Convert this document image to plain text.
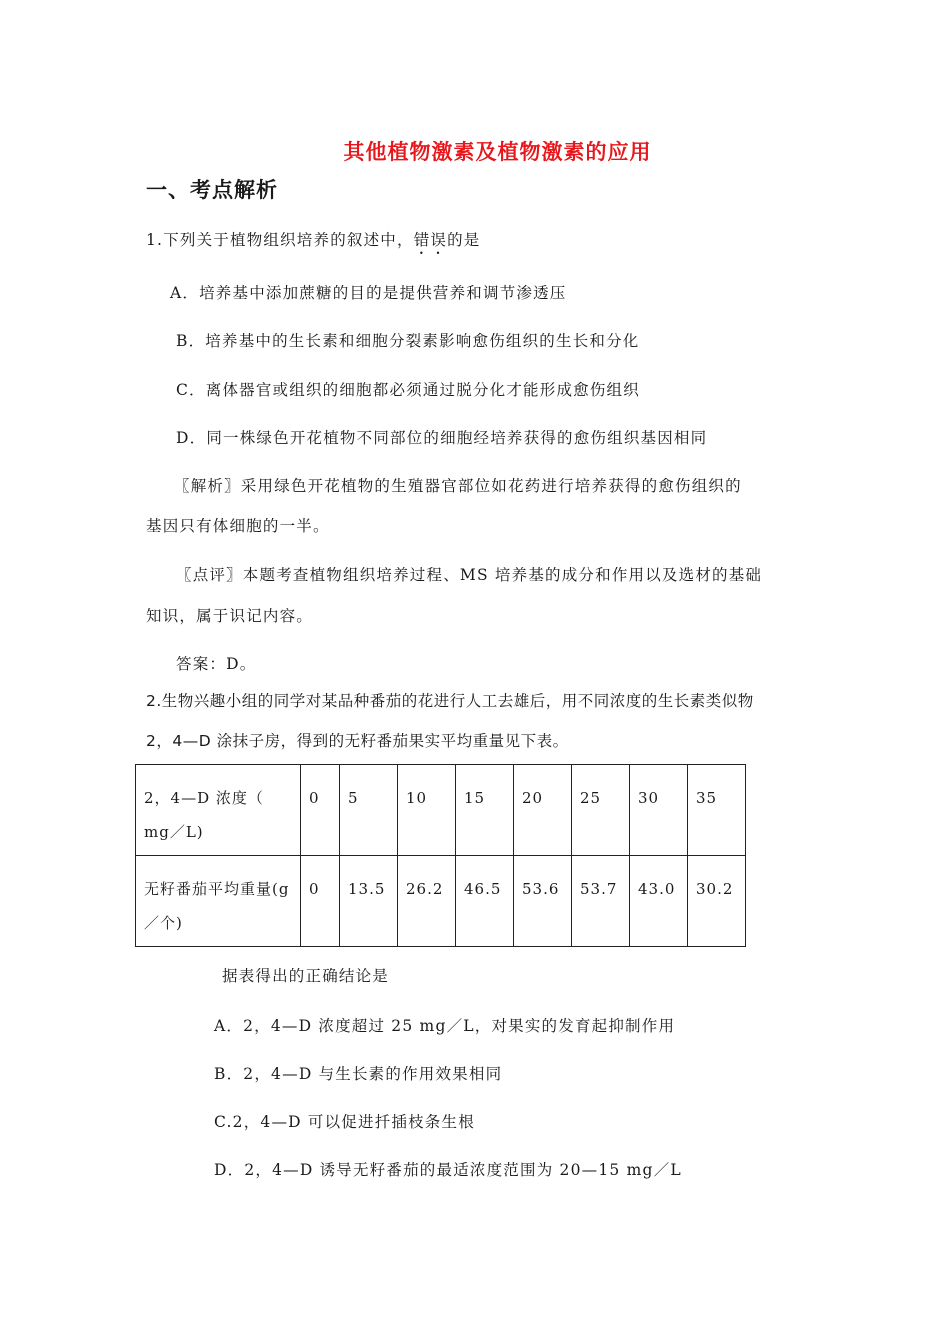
其他植物激素及植物激素的应用
一、考点解析
1.下列关于植物组织培养的叙述中，错误的是
A．培养基中添加蔗糖的目的是提供营养和调节渗透压
B．培养基中的生长素和细胞分裂素影响愈伤组织的生长和分化
C．离体器官或组织的细胞都必须通过脱分化才能形成愈伤组织
D．同一株绿色开花植物不同部位的细胞经培养获得的愈伤组织基因相同
〖解析〗采用绿色开花植物的生殖器官部位如花药进行培养获得的愈伤组织的
基因只有体细胞的一半。
〖点评〗本题考查植物组织培养过程、MS 培养基的成分和作用以及选材的基础
知识，属于识记内容。
答案：D。
2.生物兴趣小组的同学对某品种番茄的花进行人工去雄后，用不同浓度的生长素类似物
2，4—D 涂抹子房，得到的无籽番茄果实平均重量见下表。
2，4—D 浓度（ mg／L)	0	5	10	15	20	25	30	35
无籽番茄平均重量(g／个)	0	13.5	26.2	46.5	53.6	53.7	43.0	30.2
据表得出的正确结论是
A．2，4—D 浓度超过 25 mg／L，对果实的发育起抑制作用
B．2，4—D 与生长素的作用效果相同
C.2，4—D 可以促进扦插枝条生根
D．2，4—D 诱导无籽番茄的最适浓度范围为 20—15 mg／L
